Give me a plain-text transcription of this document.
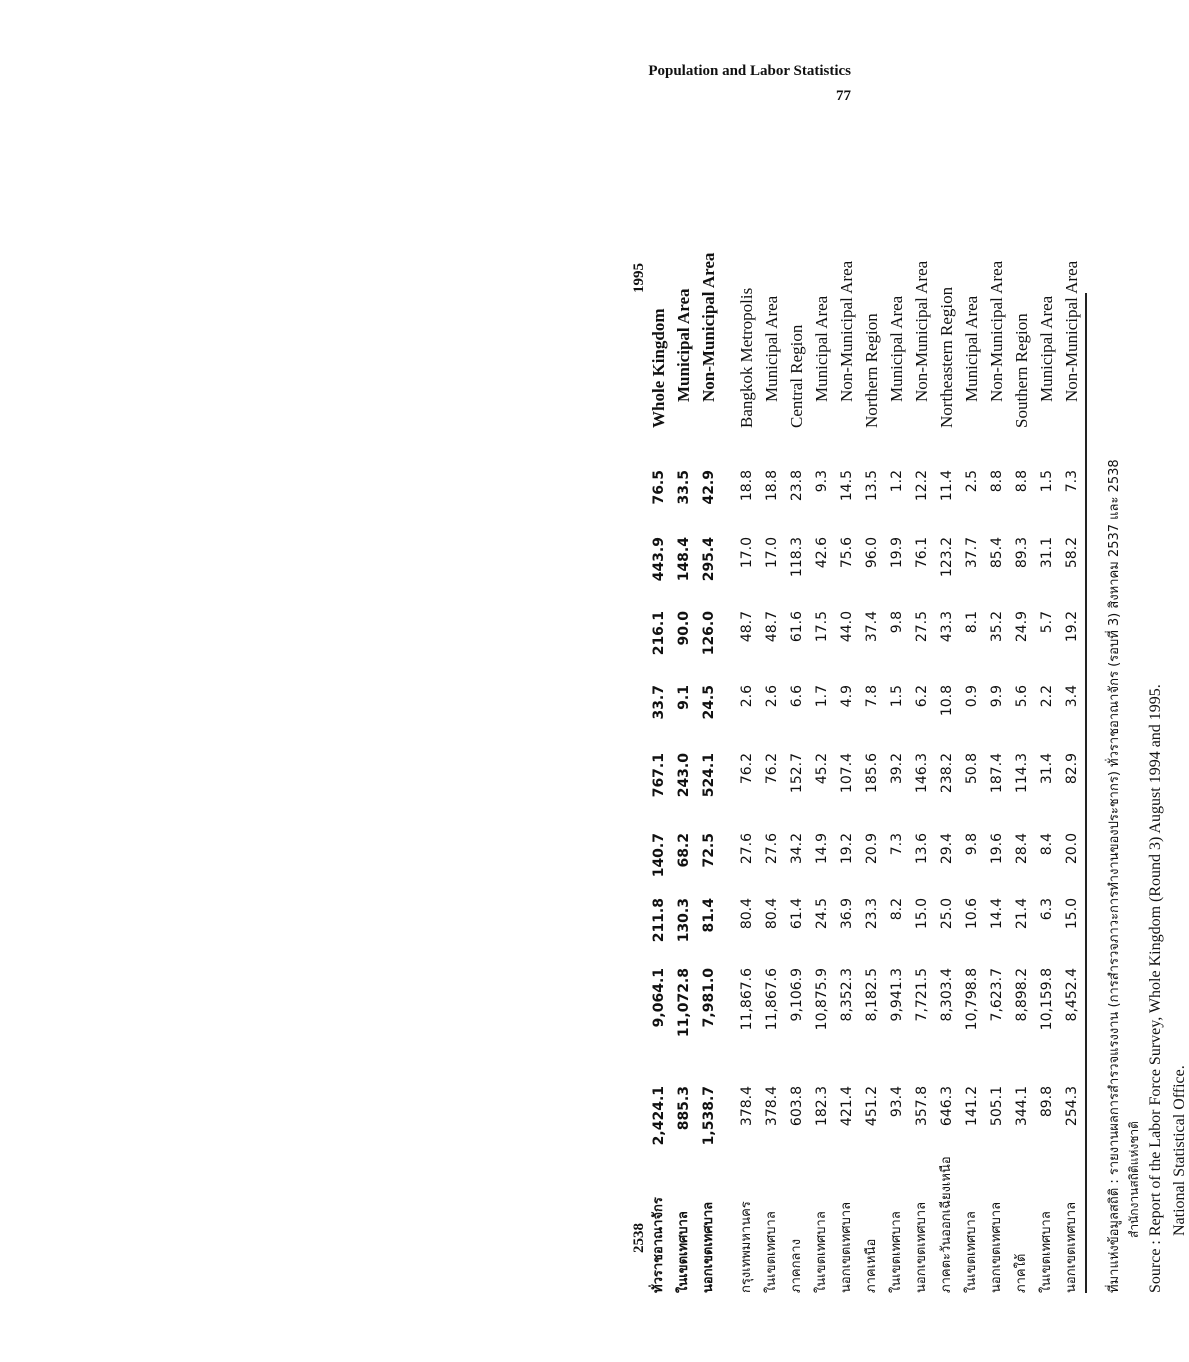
Population and Labor Statistics
77
2538
1995
ทั่วราชอาณาจักร ในเขตเทศบาล นอกเขตเทศบาล กรุงเทพมหานคร ในเขตเทศบาล ภาคกลาง ในเขตเทศบาล นอกเขตเทศบาล ภาคเหนือ ในเขตเทศบาล นอกเขตเทศบาล ภาคตะวันออกเฉียงเหนือ ในเขตเทศบาล นอกเขตเทศบาล ภาคใต้ ในเขตเทศบาล นอกเขตเทศบาล
2,424.1 885.3 1,538.7 378.4 378.4 603.8 182.3 421.4 451.2 93.4 357.8 646.3 141.2 505.1 344.1 89.8 254.3
9,064.1 11,072.8 7,981.0 11,867.6 11,867.6 9,106.9 10,875.9 8,352.3 8,182.5 9,941.3 7,721.5 8,303.4 10,798.8 7,623.7 8,898.2 10,159.8 8,452.4
211.8 130.3 81.4 80.4 80.4 61.4 24.5 36.9 23.3 8.2 15.0 25.0 10.6 14.4 21.4 6.3 15.0
140.7 68.2 72.5 27.6 27.6 34.2 14.9 19.2 20.9 7.3 13.6 29.4 9.8 19.6 28.4 8.4 20.0
767.1 243.0 524.1 76.2 76.2 152.7 45.2 107.4 185.6 39.2 146.3 238.2 50.8 187.4 114.3 31.4 82.9
33.7 9.1 24.5 2.6 2.6 6.6 1.7 4.9 7.8 1.5 6.2 10.8 0.9 9.9 5.6 2.2 3.4
216.1 90.0 126.0 48.7 48.7 61.6 17.5 44.0 37.4 9.8 27.5 43.3 8.1 35.2 24.9 5.7 19.2
443.9 148.4 295.4 17.0 17.0 118.3 42.6 75.6 96.0 19.9 76.1 123.2 37.7 85.4 89.3 31.1 58.2
76.5 33.5 42.9 18.8 18.8 23.8 9.3 14.5 13.5 1.2 12.2 11.4 2.5 8.8 8.8 1.5 7.3
Whole Kingdom Municipal Area Non-Municipal Area Bangkok Metropolis Municipal Area Central Region Municipal Area Non-Municipal Area Northern Region Municipal Area Non-Municipal Area Northeastern Region Municipal Area Non-Municipal Area Southern Region Municipal Area Non-Municipal Area
ที่มาแห่งข้อมูลสถิติ : รายงานผลการสำรวจแรงงาน (การสำรวจภาวะการทำงานของประชากร) ทั่วราชอาณาจักร (รอบที่ 3) สิงหาคม 2537 และ 2538 สำนักงานสถิติแห่งชาติ Source : Report of the Labor Force Survey, Whole Kingdom (Round 3) August 1994 and 1995. National Statistical Office.
